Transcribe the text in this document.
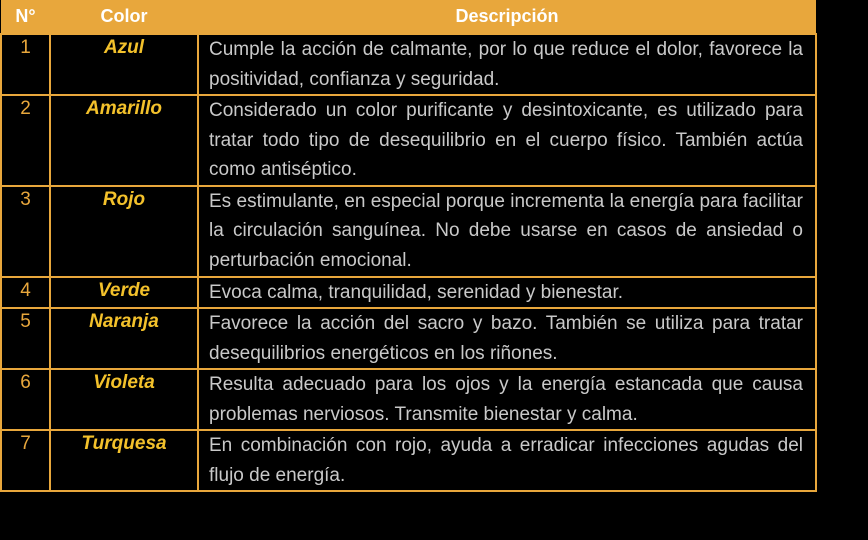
N°	Color	Descripción
1	Azul	Cumple la acción de calmante, por lo que reduce el dolor, favorece la positividad, confianza y seguridad.
2	Amarillo	Considerado un color purificante y desintoxicante, es utilizado para tratar todo tipo de desequilibrio en el cuerpo físico. También actúa como antiséptico.
3	Rojo	Es estimulante, en especial porque incrementa la energía para facilitar la circulación sanguínea. No debe usarse en casos de ansiedad o perturbación emocional.
4	Verde	Evoca calma, tranquilidad, serenidad y bienestar.
5	Naranja	Favorece la acción del sacro y bazo. También se utiliza para tratar desequilibrios energéticos en los riñones.
6	Violeta	Resulta adecuado para los ojos y la energía estancada que causa problemas nerviosos. Transmite bienestar y calma.
7	Turquesa	En combinación con rojo, ayuda a erradicar infecciones agudas del flujo de energía.
